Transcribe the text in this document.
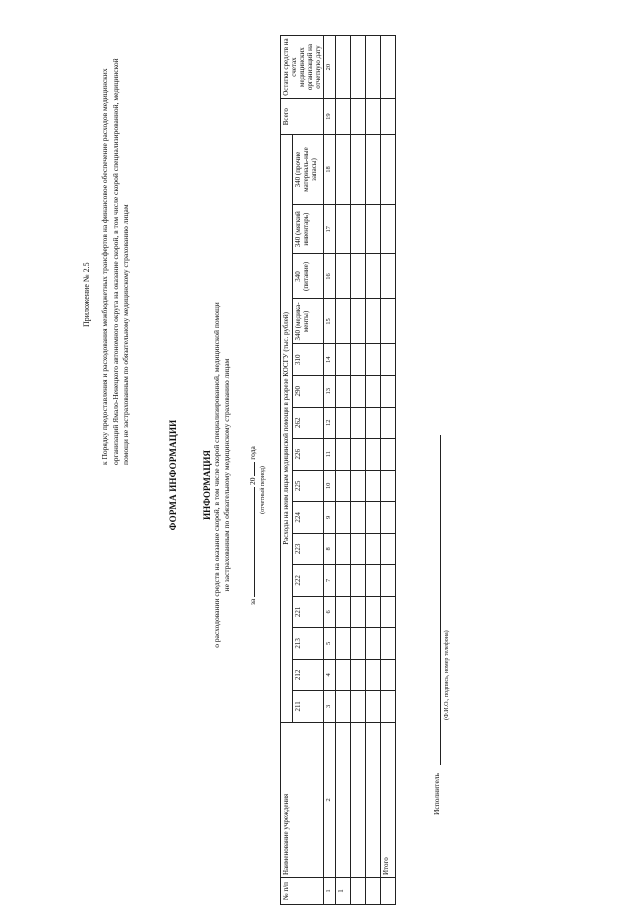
Приложение № 2.5 к Порядку предоставления и расходования межбюджетных трансфертов на финансовое обеспечение расходов медицинских организаций Ямало-Ненецкого автономного округа на оказание скорой, в том числе скорой специализированной, медицинской помощи не застрахованным по обязательному медицинскому страхованию лицам
ФОРМА ИНФОРМАЦИИ	ИНФОРМАЦИЯ о расходовании средств на оказание скорой, в том числе скорой специализированной, медицинской помощи не застрахованным по обязательному медицинскому страхованию лицам
за  20  года
(отчетный период)
№ п/п	Наименование учреждения	Расходы на неим лицам медицинской помощи в разрезе КОСГУ (тыс. рублей)																Всего	Остатки средств на счетах медицинских организаций на отчетную дату
		211	212	213	221	222	223	224	225	226	262	290	310	340 (медика-менты)	340 (питание)	340 (мягкий инвентарь)	340 (прочие материаль-ные запасы)		
1	2	3	4	5	6	7	8	9	10	11	12	13	14	15	16	17	18	19	20
1																			

	Итого																		
Исполнитель
(Ф.И.О., подпись, номер телефона)
